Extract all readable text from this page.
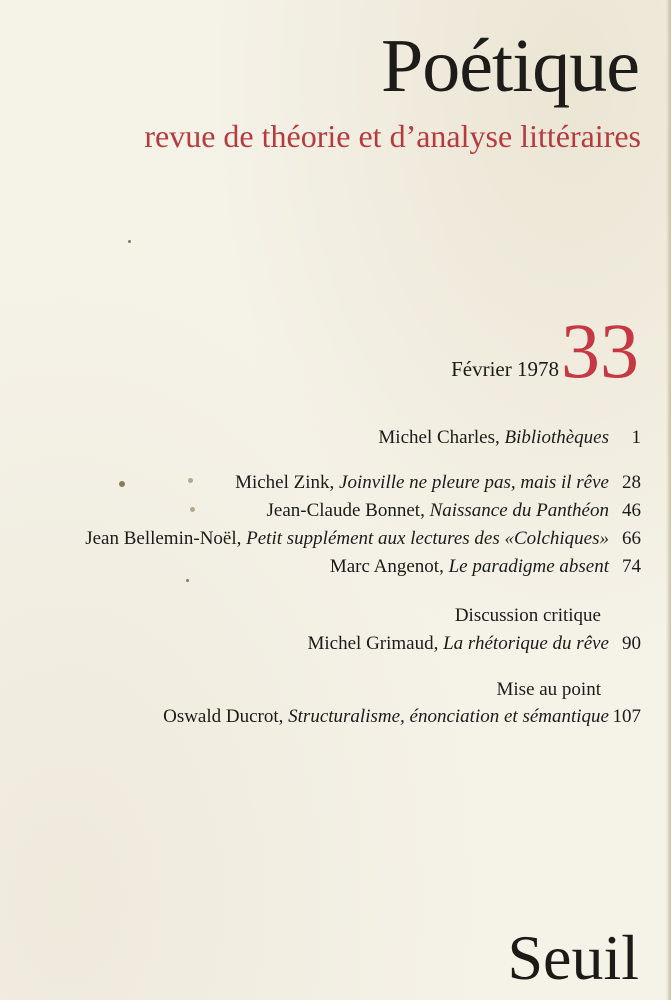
Poétique
revue de théorie et d’analyse littéraires
Février 1978 33
Michel Charles, Bibliothèques	1
Michel Zink, Joinville ne pleure pas, mais il rêve 28
Jean-Claude Bonnet, Naissance du Panthéon 46
Jean Bellemin-Noël, Petit supplément aux lectures des «Colchiques» 66
Marc Angenot, Le paradigme absent 74
Discussion critique
Michel Grimaud, La rhétorique du rêve 90
Mise au point
Oswald Ducrot, Structuralisme, énonciation et sémantique 107
Seuil
